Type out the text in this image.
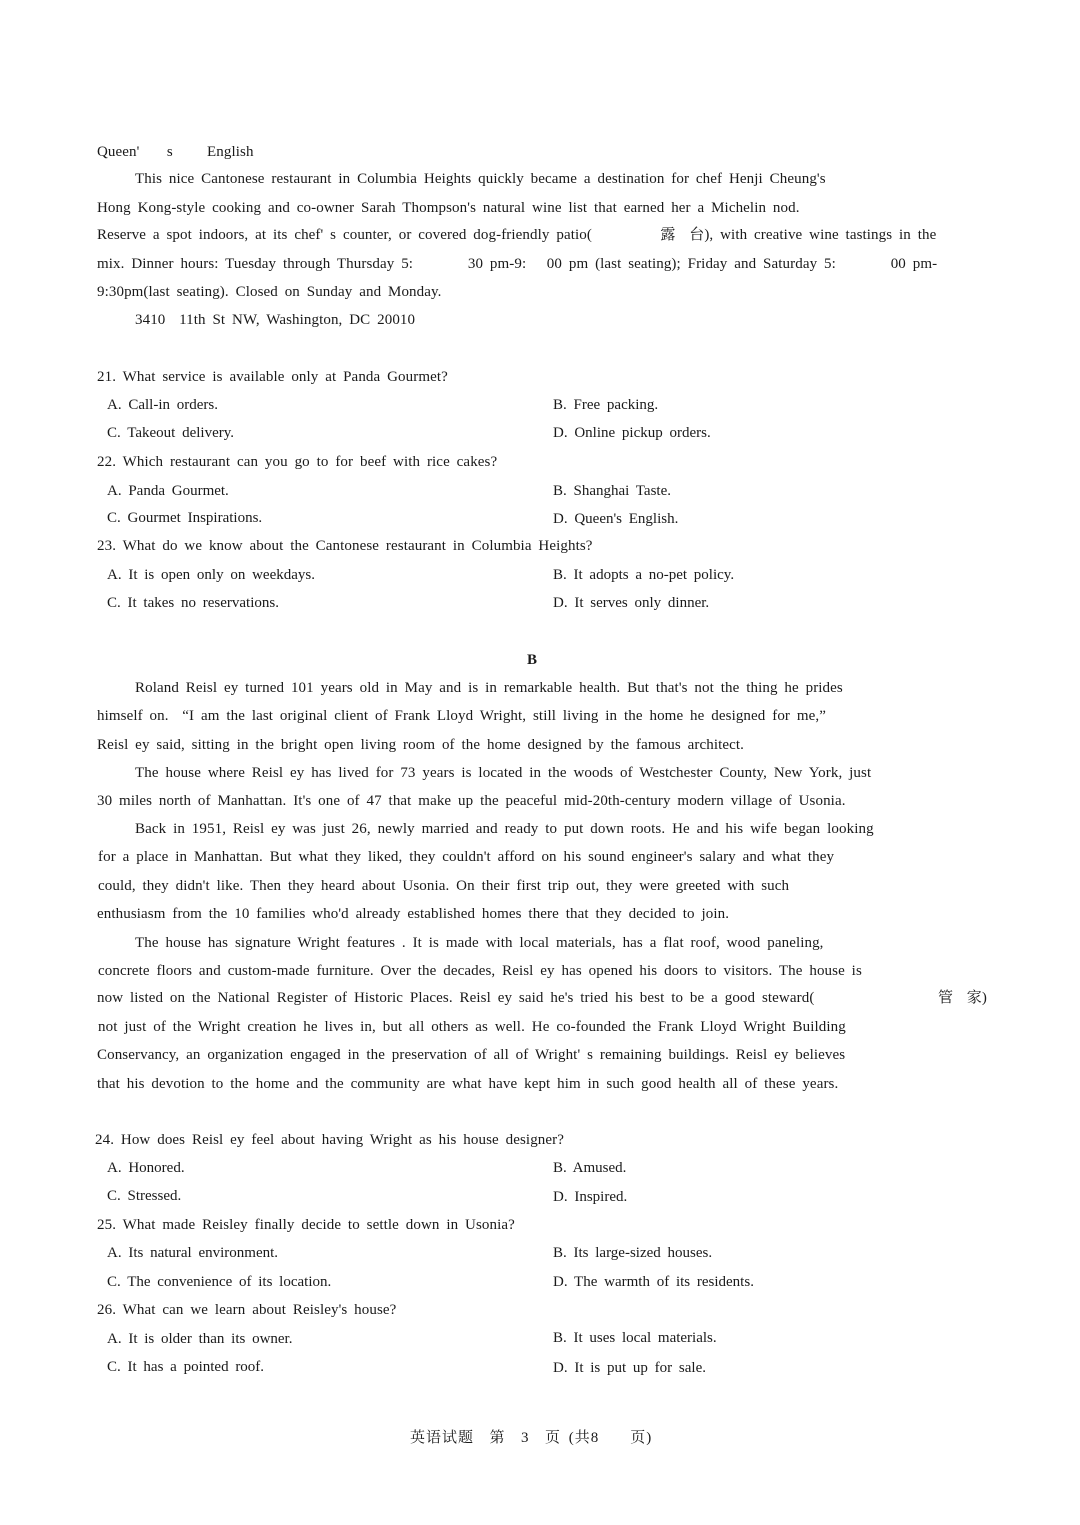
Queen'    s     English
This nice Cantonese restaurant in Columbia Heights quickly became a destination for chef Henji Cheung's
Hong Kong-style cooking and co-owner Sarah Thompson's natural wine list that earned her a Michelin nod.
Reserve a spot indoors, at its chef' s counter, or covered dog-friendly patio(          露  台), with creative wine tastings in the
mix. Dinner hours: Tuesday through Thursday 5:        30 pm-9:   00 pm (last seating); Friday and Saturday 5:        00 pm-
9:30pm(last seating). Closed on Sunday and Monday.
3410  11th St NW, Washington, DC 20010
21. What service is available only at Panda Gourmet?
A. Call-in orders.	B. Free packing.
C. Takeout delivery.	D. Online pickup orders.
22. Which restaurant can you go to for beef with rice cakes?
A. Panda Gourmet.	B. Shanghai Taste.
C. Gourmet Inspirations.	D. Queen's English.
23. What do we know about the Cantonese restaurant in Columbia Heights?
A. It is open only on weekdays.	B. It adopts a no-pet policy.
C. It takes no reservations.	D. It serves only dinner.
B
Roland Reisl ey turned 101 years old in May and is in remarkable health. But that's not the thing he prides
himself on.  “I am the last original client of Frank Lloyd Wright, still living in the home he designed for me,”
Reisl ey said, sitting in the bright open living room of the home designed by the famous architect.
The house where Reisl ey has lived for 73 years is located in the woods of Westchester County, New York, just
30 miles north of Manhattan. It's one of 47 that make up the peaceful mid-20th-century modern village of Usonia.
Back in 1951, Reisl ey was just 26, newly married and ready to put down roots. He and his wife began looking
for a place in Manhattan. But what they liked, they couldn't afford on his sound engineer's salary and what they
could, they didn't like. Then they heard about Usonia. On their first trip out, they were greeted with such
enthusiasm from the 10 families who'd already established homes there that they decided to join.
The house has signature Wright features . It is made with local materials, has a flat roof, wood paneling,
concrete floors and custom-made furniture. Over the decades, Reisl ey has opened his doors to visitors. The house is
now listed on the National Register of Historic Places. Reisl ey said he's tried his best to be a good steward(	管  家)
not just of the Wright creation he lives in, but all others as well. He co-founded the Frank Lloyd Wright Building
Conservancy, an organization engaged in the preservation of all of Wright' s remaining buildings. Reisl ey believes
that his devotion to the home and the community are what have kept him in such good health all of these years.
24. How does Reisl ey feel about having Wright as his house designer?
A. Honored.	B. Amused.
C. Stressed.	D. Inspired.
25. What made Reisley finally decide to settle down in Usonia?
A. Its natural environment.	B. Its large-sized houses.
C. The convenience of its location.	D. The warmth of its residents.
26. What can we learn about Reisley's house?
A. It is older than its owner.	B. It uses local materials.
C. It has a pointed roof.	D. It is put up for sale.
英语试题  第  3  页 (共8    页)
